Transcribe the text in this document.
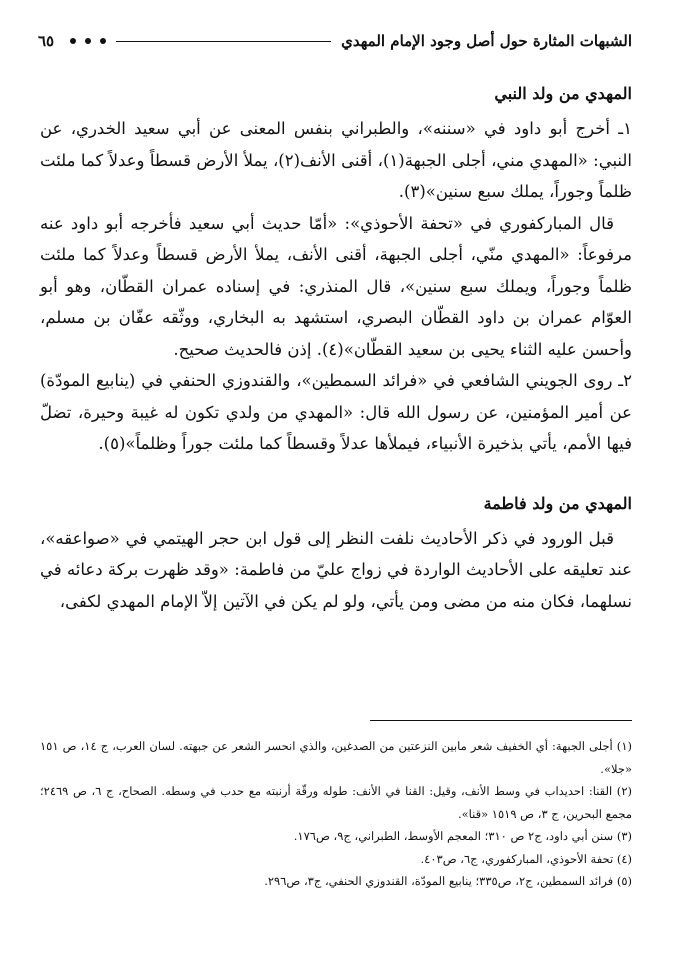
الشبهات المثارة حول أصل وجود الإمام المهدي
٦٥

المهدي من ولد النبي

١ـ أخرج أبو داود في «سننه»، والطبراني بنفس المعنى عن أبي سعيد الخدري، عن النبي: «المهدي مني، أجلى الجبهة(١)، أقنى الأنف(٢)، يملأ الأرض قسطاً وعدلاً كما ملئت ظلماً وجوراً، يملك سبع سنين»(٣).

قال المباركفوري في «تحفة الأحوذي»: «أمّا حديث أبي سعيد فأخرجه أبو داود عنه مرفوعاً: «المهدي منّي، أجلى الجبهة، أقنى الأنف، يملأ الأرض قسطاً وعدلاً كما ملئت ظلماً وجوراً، ويملك سبع سنين»، قال المنذري: في إسناده عمران القطّان، وهو أبو العوّام عمران بن داود القطّان البصري، استشهد به البخاري، ووثّقه عفّان بن مسلم، وأحسن عليه الثناء يحيى بن سعيد القطّان»(٤). إذن فالحديث صحيح.

٢ـ روى الجويني الشافعي في «فرائد السمطين»، والقندوزي الحنفي في (ينابيع المودّة) عن أمير المؤمنين، عن رسول الله قال: «المهدي من ولدي تكون له غيبة وحيرة، تضلّ فيها الأمم، يأتي بذخيرة الأنبياء، فيملأها عدلاً وقسطاً كما ملئت جوراً وظلماً»(٥).

المهدي من ولد فاطمة

قبل الورود في ذكر الأحاديث نلفت النظر إلى قول ابن حجر الهيتمي في «صواعقه»، عند تعليقه على الأحاديث الواردة في زواج عليّ من فاطمة: «وقد ظهرت بركة دعائه في نسلهما، فكان منه من مضى ومن يأتي، ولو لم يكن في الآتين إلاّ الإمام المهدي لكفى،

(١) أجلى الجبهة: أي الخفيف شعر مابين النزعتين من الصدغين، والذي انحسر الشعر عن جبهته. لسان العرب، ج ١٤، ص ١٥١ «جلا».

(٢) القنا: احديداب في وسط الأنف، وقيل: القنا في الأنف: طوله ورقّة أرنبته مع حدب في وسطه. الصحاح، ج ٦، ص ٢٤٦٩؛ مجمع البحرين، ج ٣، ص ١٥١٩ «قنا».

(٣) سنن أبي داود، ج٢ ص ٣١٠؛ المعجم الأوسط، الطبراني، ج٩، ص١٧٦.

(٤) تحفة الأحوذي، المباركفوري، ج٦، ص٤٠٣.

(٥) فرائد السمطين، ج٢، ص٣٣٥؛ ينابيع المودّة، القندوزي الحنفي، ج٣، ص٢٩٦.
